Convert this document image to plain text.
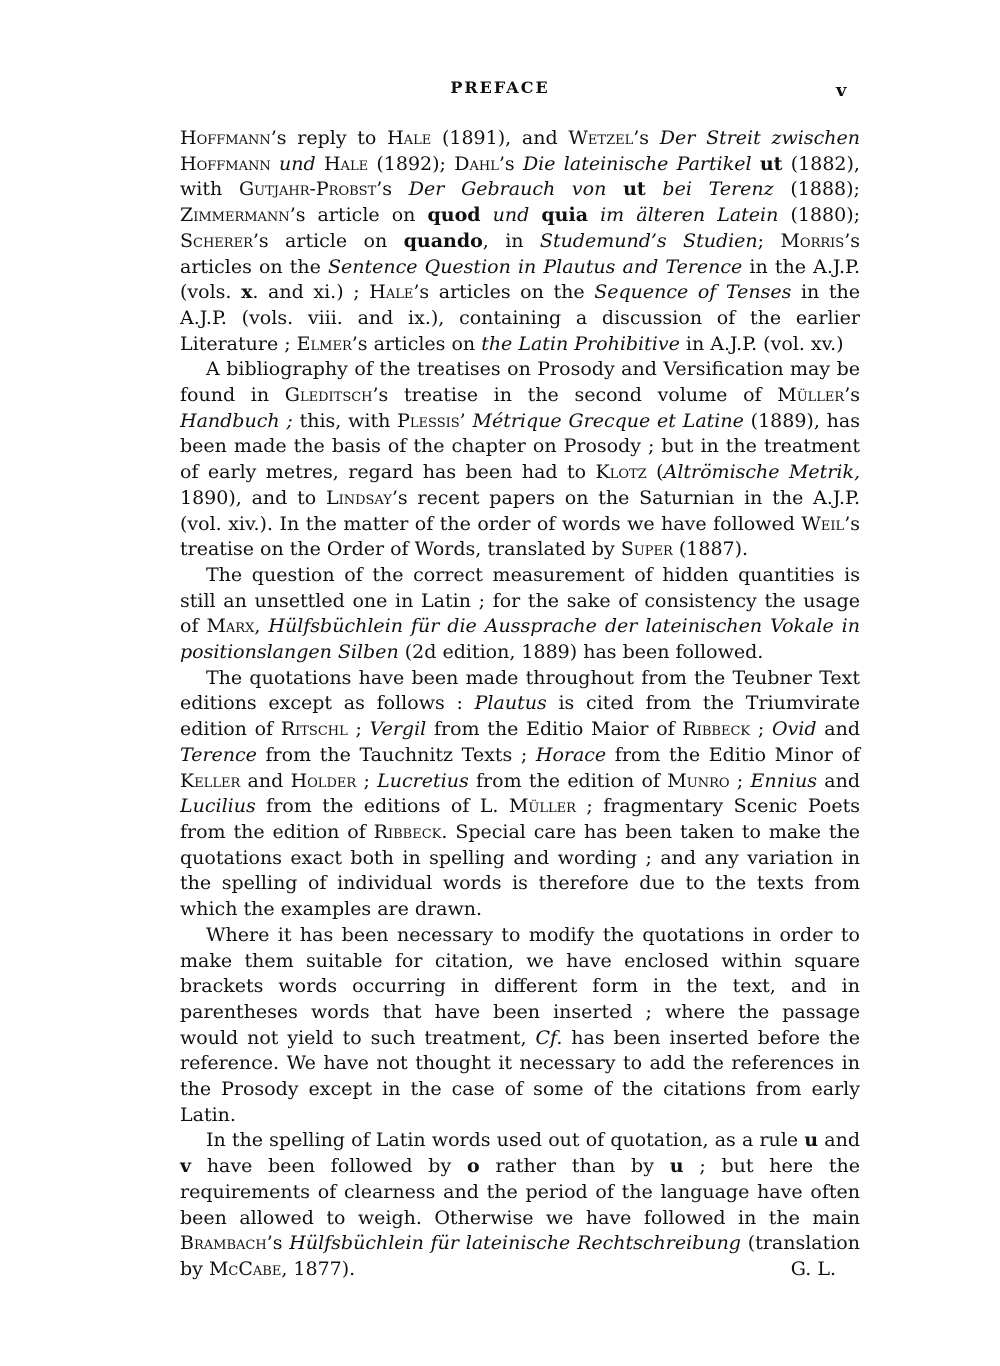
PREFACE	v

Hoffmann’s reply to Hale (1891), and Wetzel’s Der Streit zwischen Hoffmann und Hale (1892); Dahl’s Die lateinische Partikel ut (1882), with Gutjahr-Probst’s Der Gebrauch von ut bei Terenz (1888); Zimmermann’s article on quod und quia im älteren Latein (1880); Scherer’s article on quando, in Studemund’s Studien; Morris’s articles on the Sentence Question in Plautus and Terence in the A.J.P. (vols. x. and xi.) ; Hale’s articles on the Sequence of Tenses in the A.J.P. (vols. viii. and ix.), containing a discussion of the earlier Literature ; Elmer’s articles on the Latin Prohibitive in A.J.P. (vol. xv.)

A bibliography of the treatises on Prosody and Versification may be found in Gleditsch’s treatise in the second volume of Müller’s Handbuch ; this, with Plessis’ Métrique Grecque et Latine (1889), has been made the basis of the chapter on Prosody ; but in the treatment of early metres, regard has been had to Klotz (Altrömische Metrik, 1890), and to Lindsay’s recent papers on the Saturnian in the A.J.P. (vol. xiv.). In the matter of the order of words we have followed Weil’s treatise on the Order of Words, translated by Super (1887).

The question of the correct measurement of hidden quantities is still an unsettled one in Latin ; for the sake of consistency the usage of Marx, Hülfsbüchlein für die Aussprache der lateinischen Vokale in positionslangen Silben (2d edition, 1889) has been followed.

The quotations have been made throughout from the Teubner Text editions except as follows : Plautus is cited from the Triumvirate edition of Ritschl ; Vergil from the Editio Maior of Ribbeck ; Ovid and Terence from the Tauchnitz Texts ; Horace from the Editio Minor of Keller and Holder ; Lucretius from the edition of Munro ; Ennius and Lucilius from the editions of L. Müller ; fragmentary Scenic Poets from the edition of Ribbeck. Special care has been taken to make the quotations exact both in spelling and wording ; and any variation in the spelling of individual words is therefore due to the texts from which the examples are drawn.

Where it has been necessary to modify the quotations in order to make them suitable for citation, we have enclosed within square brackets words occurring in different form in the text, and in parentheses words that have been inserted ; where the passage would not yield to such treatment, Cf. has been inserted before the reference. We have not thought it necessary to add the references in the Prosody except in the case of some of the citations from early Latin.

In the spelling of Latin words used out of quotation, as a rule u and v have been followed by o rather than by u ; but here the requirements of clearness and the period of the language have often been allowed to weigh. Otherwise we have followed in the main Brambach’s Hülfsbüchlein für lateinische Rechtschreibung (translation by McCabe, 1877).	G. L.
